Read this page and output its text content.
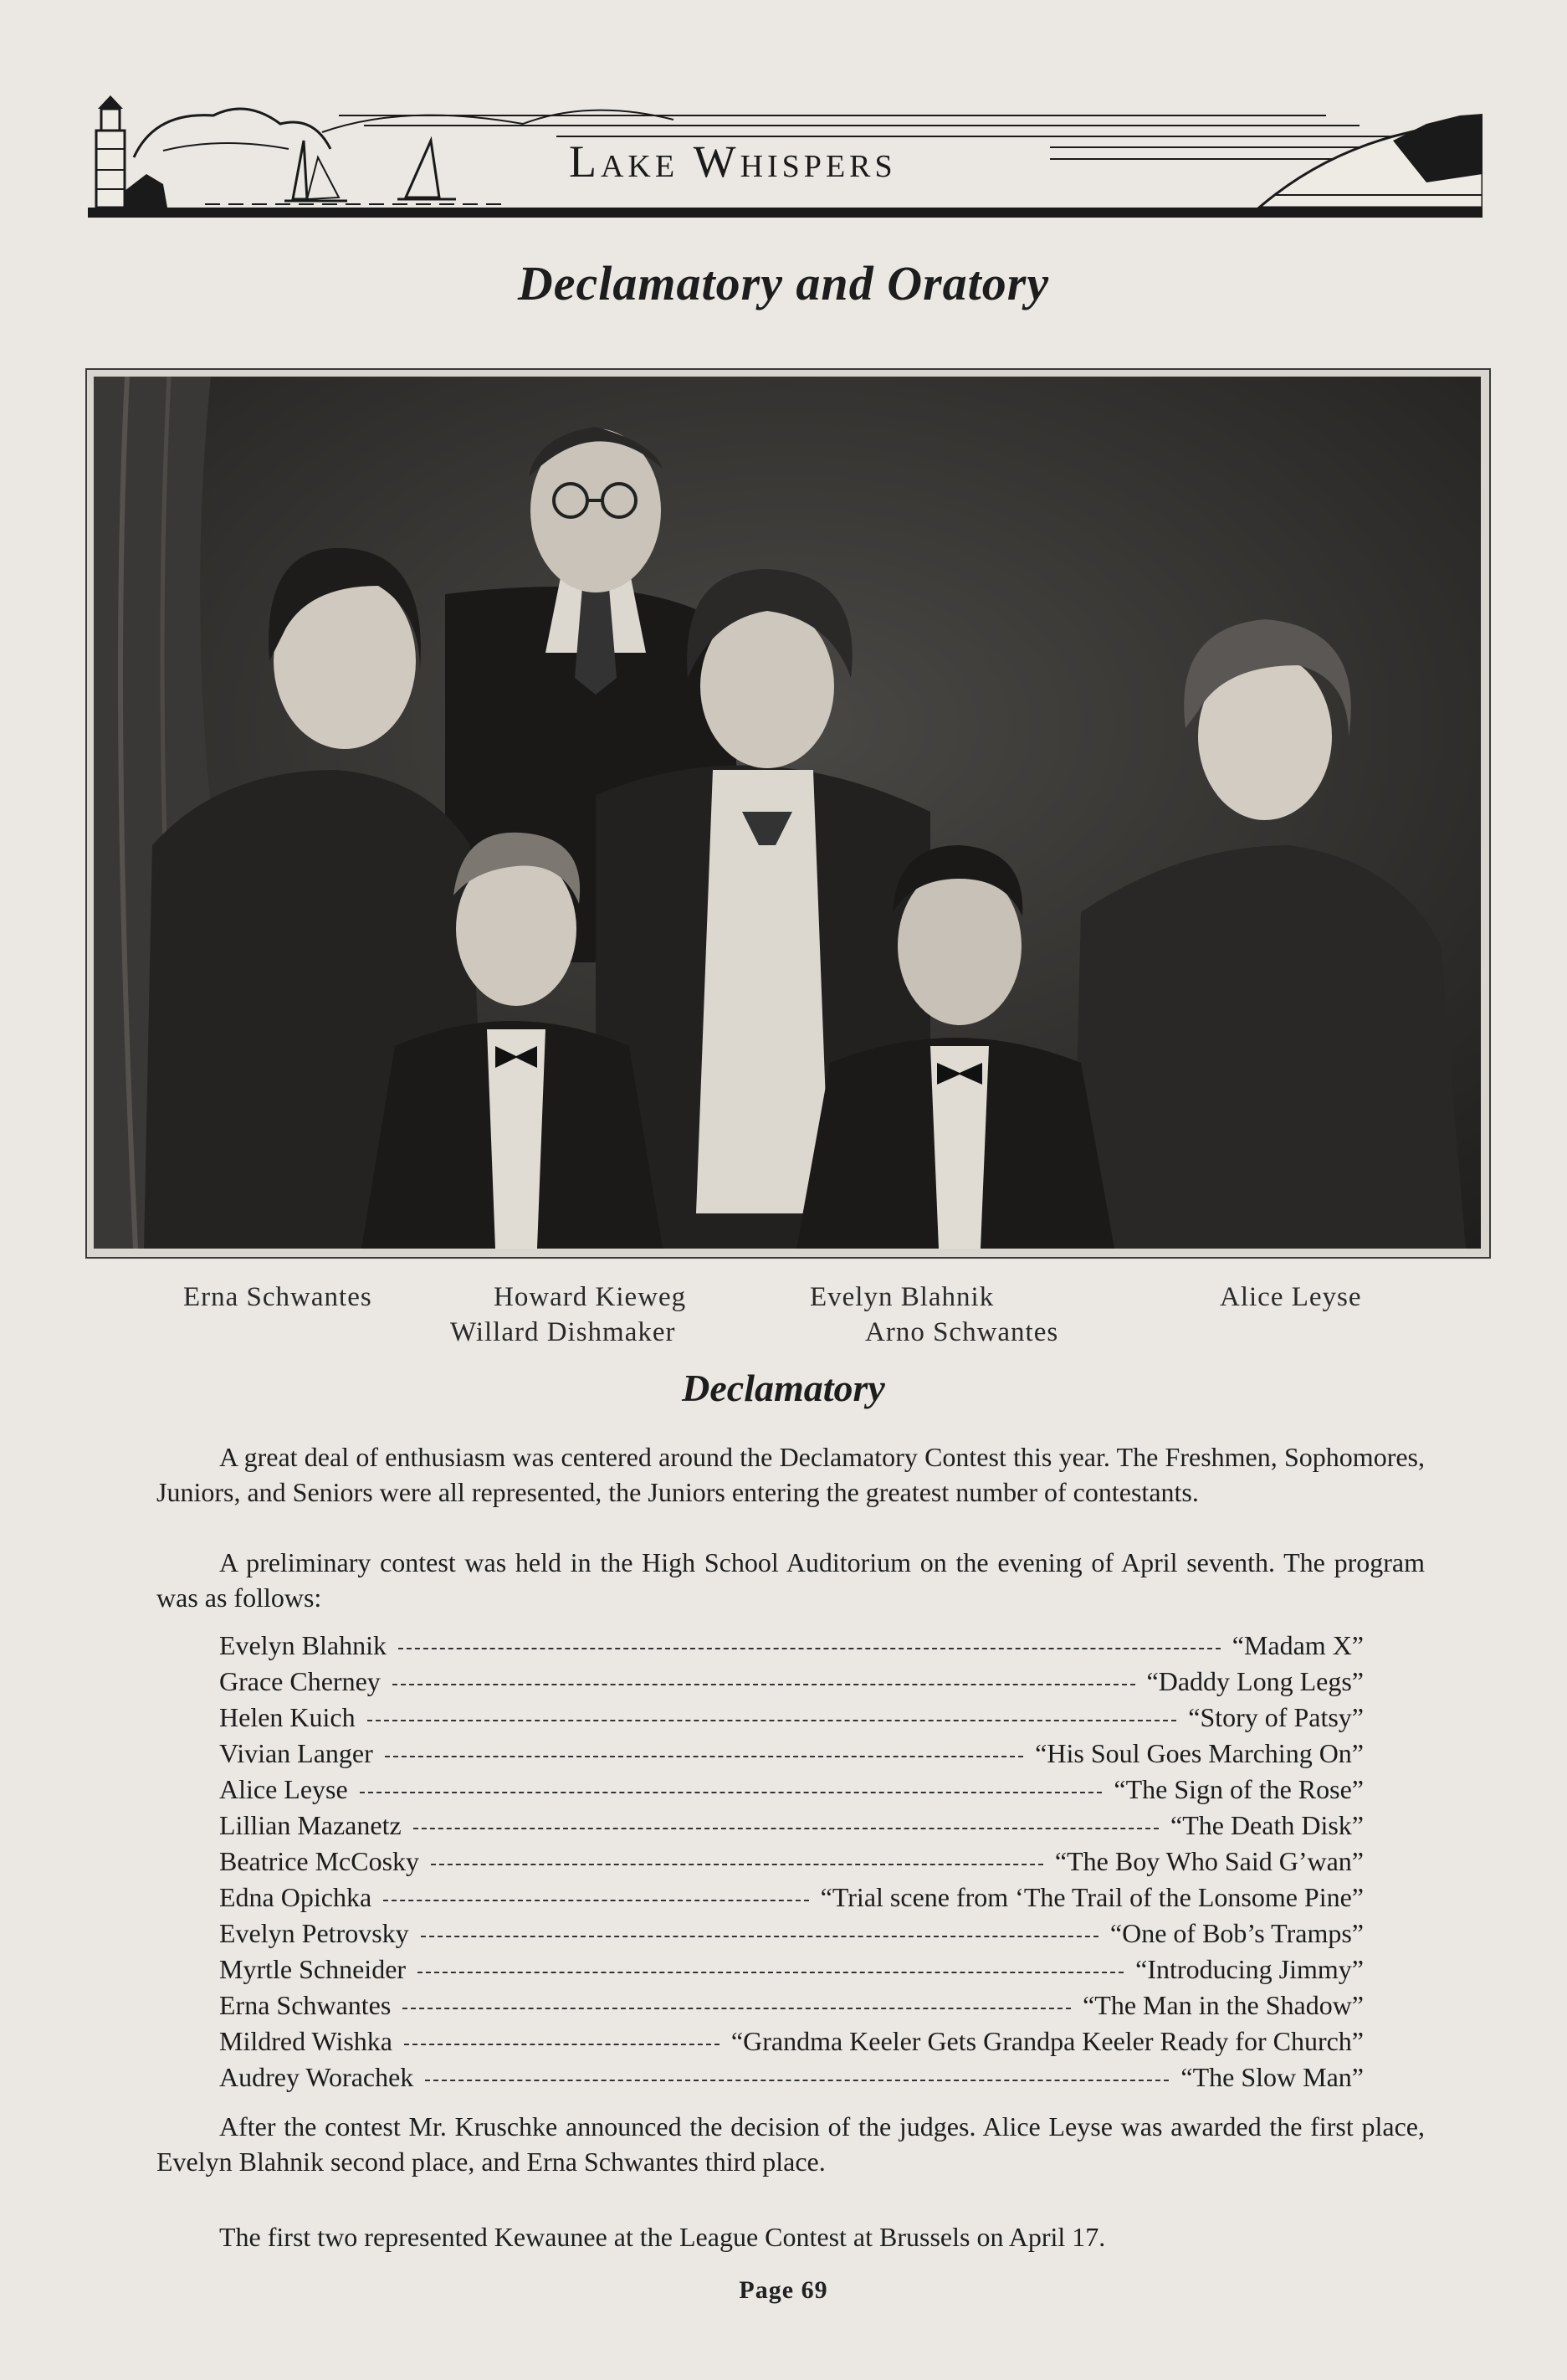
Lake Whispers
Declamatory and Oratory
Erna Schwantes	Howard Kieweg	Evelyn Blahnik	Alice Leyse
Willard Dishmaker	Arno Schwantes
Declamatory
A great deal of enthusiasm was centered around the Declamatory Contest this year. The Freshmen, Sophomores, Juniors, and Seniors were all represented, the Juniors entering the greatest number of contestants.
A preliminary contest was held in the High School Auditorium on the evening of April seventh. The program was as follows:
Evelyn Blahnik	“Madam X”
Grace Cherney	“Daddy Long Legs”
Helen Kuich	“Story of Patsy”
Vivian Langer	“His Soul Goes Marching On”
Alice Leyse	“The Sign of the Rose”
Lillian Mazanetz	“The Death Disk”
Beatrice McCosky	“The Boy Who Said G’wan”
Edna Opichka	“Trial scene from ‘The Trail of the Lonsome Pine”
Evelyn Petrovsky	“One of Bob’s Tramps”
Myrtle Schneider	“Introducing Jimmy”
Erna Schwantes	“The Man in the Shadow”
Mildred Wishka	“Grandma Keeler Gets Grandpa Keeler Ready for Church”
Audrey Worachek	“The Slow Man”
After the contest Mr. Kruschke announced the decision of the judges. Alice Leyse was awarded the first place, Evelyn Blahnik second place, and Erna Schwantes third place.
The first two represented Kewaunee at the League Contest at Brussels on April 17.
Page 69
